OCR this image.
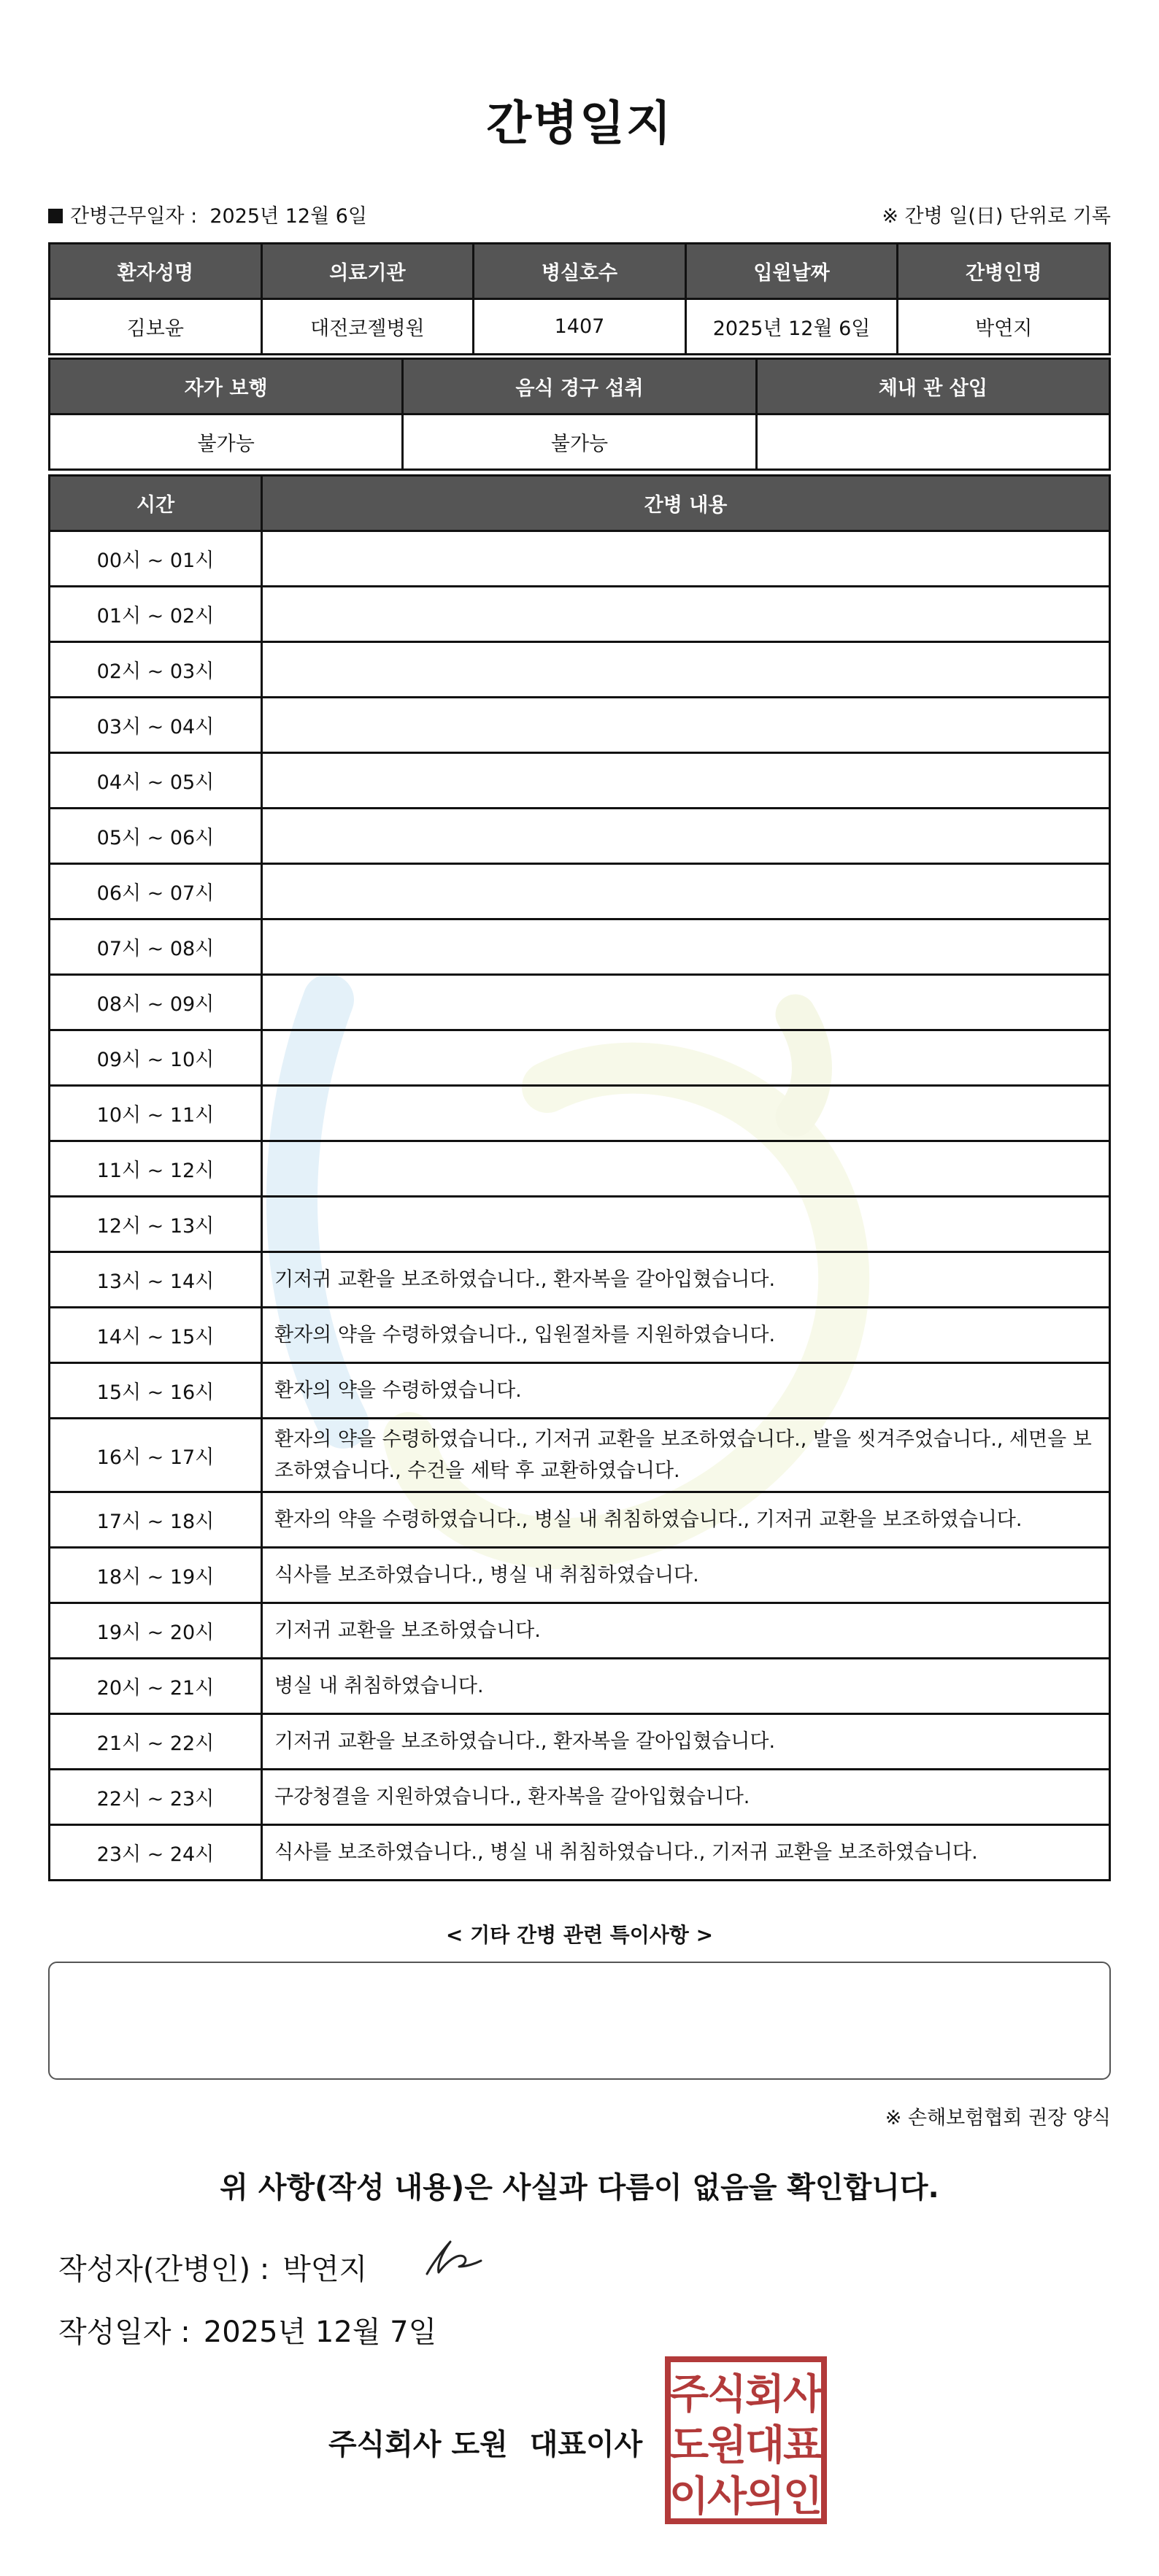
간병일지
간병근무일자 : 2025년 12월 6일	※ 간병 일(日) 단위로 기록
환자성명	의료기관	병실호수	입원날짜	간병인명
김보윤	대전코젤병원	1407	2025년 12월 6일	박연지
자가 보행	음식 경구 섭취	체내 관 삽입
불가능	불가능	
시간	간병 내용
00시 ~ 01시	
01시 ~ 02시	
02시 ~ 03시	
03시 ~ 04시	
04시 ~ 05시	
05시 ~ 06시	
06시 ~ 07시	
07시 ~ 08시	
08시 ~ 09시	
09시 ~ 10시	
10시 ~ 11시	
11시 ~ 12시	
12시 ~ 13시	
13시 ~ 14시	기저귀 교환을 보조하였습니다., 환자복을 갈아입혔습니다.
14시 ~ 15시	환자의 약을 수령하였습니다., 입원절차를 지원하였습니다.
15시 ~ 16시	환자의 약을 수령하였습니다.
16시 ~ 17시	환자의 약을 수령하였습니다., 기저귀 교환을 보조하였습니다., 발을 씻겨주었습니다., 세면을 보조하였습니다., 수건을 세탁 후 교환하였습니다.
17시 ~ 18시	환자의 약을 수령하였습니다., 병실 내 취침하였습니다., 기저귀 교환을 보조하였습니다.
18시 ~ 19시	식사를 보조하였습니다., 병실 내 취침하였습니다.
19시 ~ 20시	기저귀 교환을 보조하였습니다.
20시 ~ 21시	병실 내 취침하였습니다.
21시 ~ 22시	기저귀 교환을 보조하였습니다., 환자복을 갈아입혔습니다.
22시 ~ 23시	구강청결을 지원하였습니다., 환자복을 갈아입혔습니다.
23시 ~ 24시	식사를 보조하였습니다., 병실 내 취침하였습니다., 기저귀 교환을 보조하였습니다.
< 기타 간병 관련 특이사항 >
※ 손해보험협회 권장 양식
위 사항(작성 내용)은 사실과 다름이 없음을 확인합니다.
작성자(간병인) : 박연지
작성일자 : 2025년 12월 7일
주식회사 도원 대표이사
주
식
회
사
도
원
대
표
이
사
의
인
